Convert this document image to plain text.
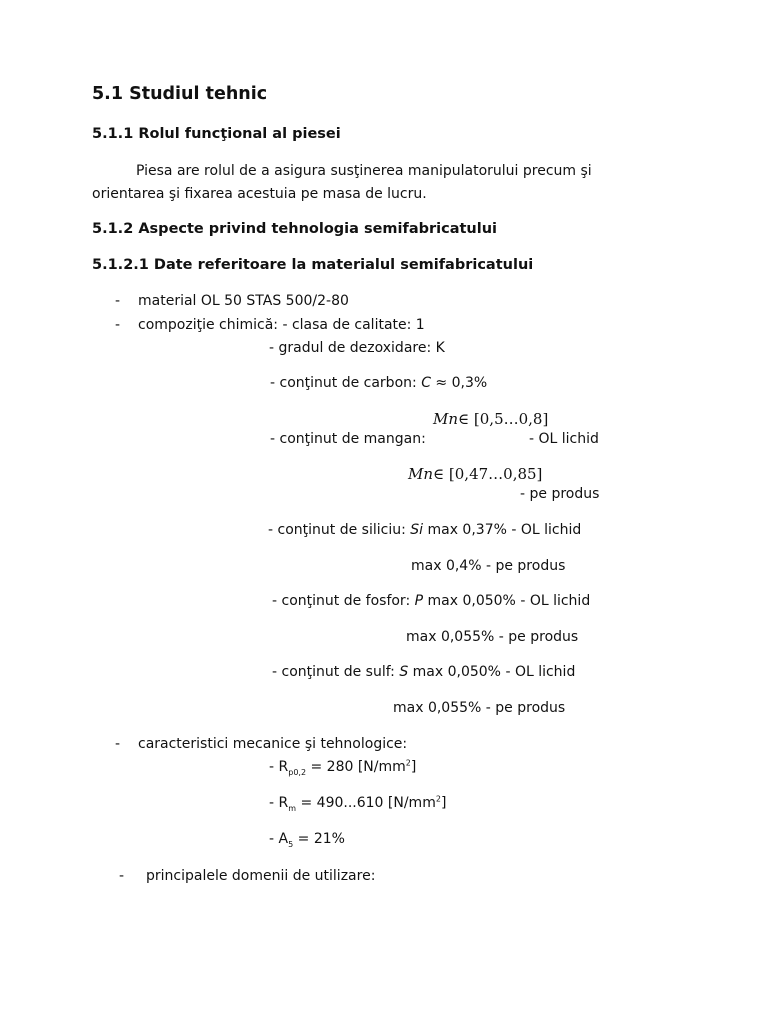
5.1 Studiul tehnic
5.1.1 Rolul funcţional al piesei
Piesa are rolul de a asigura susţinerea manipulatorului precum şi
orientarea şi fixarea acestuia pe masa de lucru.
5.1.2 Aspecte privind tehnologia semifabricatului
5.1.2.1 Date referitoare la materialul semifabricatului
- material OL 50 STAS 500/2-80
- compoziţie chimică: - clasa de calitate: 1
- gradul de dezoxidare: K
- conţinut de carbon: C ≈ 0,3%
Mn∈ [0,5…0,8]
- conţinut de mangan:	- OL lichid
Mn∈ [0,47…0,85]
- pe produs
- conţinut de siliciu: Si max 0,37% - OL lichid
max 0,4% - pe produs
- conţinut de fosfor: P max 0,050% - OL lichid
max 0,055% - pe produs
- conţinut de sulf: S max 0,050% - OL lichid
max 0,055% - pe produs
- caracteristici mecanice şi tehnologice:
- $R_{p0,2} = 280$ $[N/mm^2]$
- $R_m = 490...610$ $[N/mm^2]$
- $A_5 = 21\%$
- principalele domenii de utilizare:
